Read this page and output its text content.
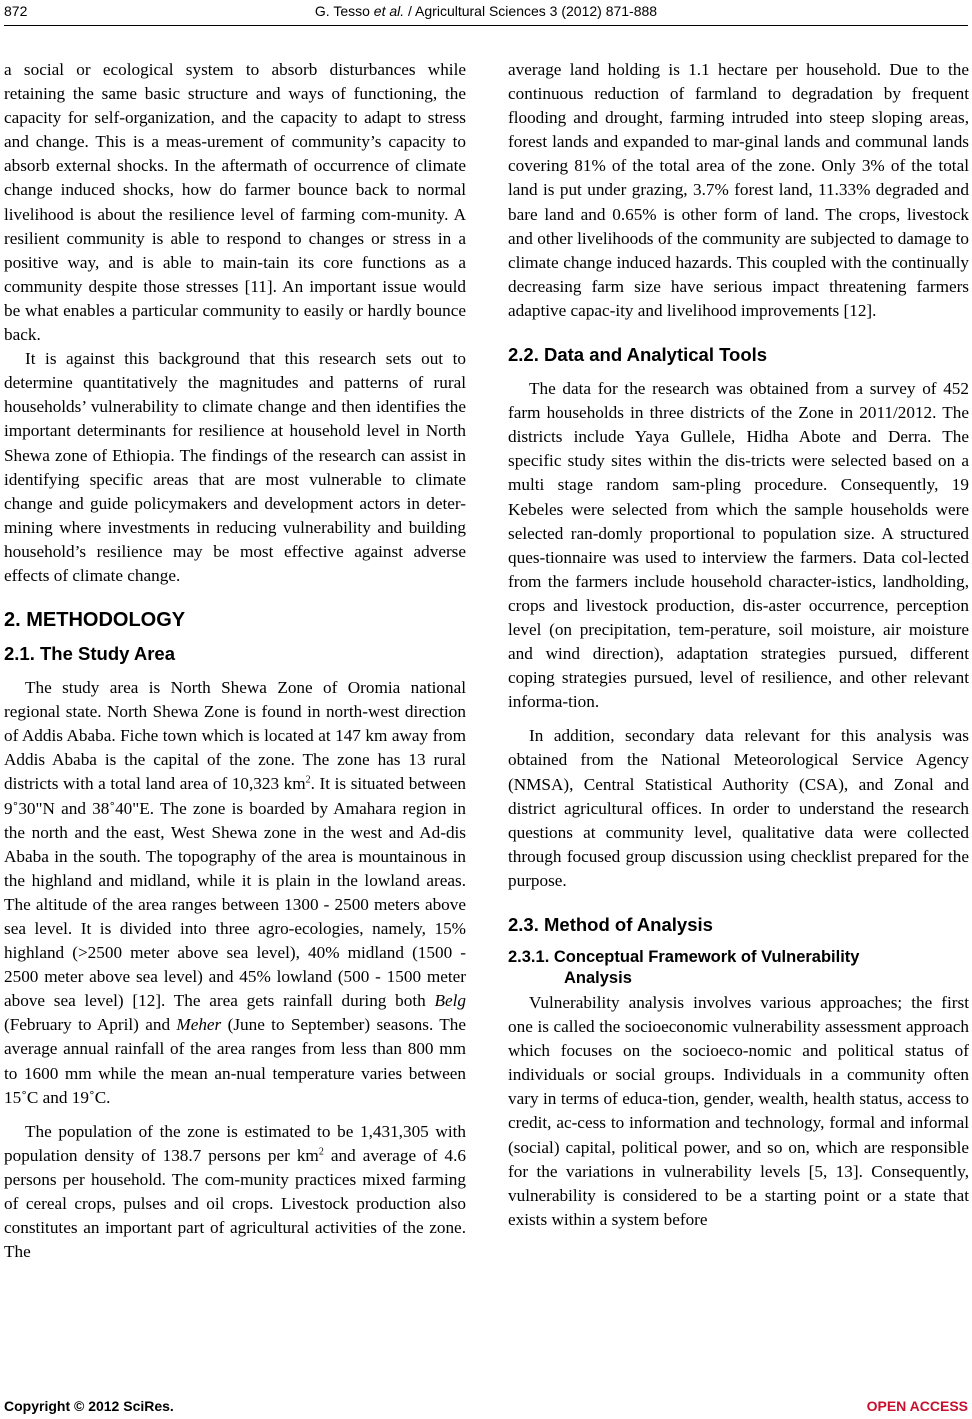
872	G. Tesso et al. / Agricultural Sciences 3 (2012) 871-888

a social or ecological system to absorb disturbances while retaining the same basic structure and ways of functioning, the capacity for self-organization, and the capacity to adapt to stress and change. This is a meas-urement of community’s capacity to absorb external shocks. In the aftermath of occurrence of climate change induced shocks, how do farmer bounce back to normal livelihood is about the resilience level of farming com-munity. A resilient community is able to respond to changes or stress in a positive way, and is able to main-tain its core functions as a community despite those stresses [11]. An important issue would be what enables a particular community to easily or hardly bounce back.

It is against this background that this research sets out to determine quantitatively the magnitudes and patterns of rural households’ vulnerability to climate change and then identifies the important determinants for resilience at household level in North Shewa zone of Ethiopia. The findings of the research can assist in identifying specific areas that are most vulnerable to climate change and guide policymakers and development actors in deter-mining where investments in reducing vulnerability and building household’s resilience may be most effective against adverse effects of climate change.

2. METHODOLOGY
2.1. The Study Area

The study area is North Shewa Zone of Oromia national regional state. North Shewa Zone is found in north-west direction of Addis Ababa. Fiche town which is located at 147 km away from Addis Ababa is the capital of the zone. The zone has 13 rural districts with a total land area of 10,323 $km^2$. It is situated between 9˚30"N and 38˚40"E. The zone is boarded by Amahara region in the north and the east, West Shewa zone in the west and Ad-dis Ababa in the south. The topography of the area is mountainous in the highland and midland, while it is plain in the lowland areas. The altitude of the area ranges between 1300 - 2500 meters above sea level. It is divided into three agro-ecologies, namely, 15% highland (>2500 meter above sea level), 40% midland (1500 - 2500 meter above sea level) and 45% lowland (500 - 1500 meter above sea level) [12]. The area gets rainfall during both Belg (February to April) and Meher (June to September) seasons. The average annual rainfall of the area ranges from less than 800 mm to 1600 mm while the mean an-nual temperature varies between 15˚C and 19˚C.

The population of the zone is estimated to be 1,431,305 with population density of 138.7 persons per $km^2$ and average of 4.6 persons per household. The com-munity practices mixed farming of cereal crops, pulses and oil crops. Livestock production also constitutes an important part of agricultural activities of the zone. The

average land holding is 1.1 hectare per household. Due to the continuous reduction of farmland to degradation by frequent flooding and drought, farming intruded into steep sloping areas, forest lands and expanded to mar-ginal lands and communal lands covering 81% of the total area of the zone. Only 3% of the total land is put under grazing, 3.7% forest land, 11.33% degraded and bare land and 0.65% is other form of land. The crops, livestock and other livelihoods of the community are subjected to damage to climate change induced hazards. This coupled with the continually decreasing farm size have serious impact threatening farmers adaptive capac-ity and livelihood improvements [12].

2.2. Data and Analytical Tools

The data for the research was obtained from a survey of 452 farm households in three districts of the Zone in 2011/2012. The districts include Yaya Gullele, Hidha Abote and Derra. The specific study sites within the dis-tricts were selected based on a multi stage random sam-pling procedure. Consequently, 19 Kebeles were selected from which the sample households were selected ran-domly proportional to population size. A structured ques-tionnaire was used to interview the farmers. Data col-lected from the farmers include household character-istics, landholding, crops and livestock production, dis-aster occurrence, perception level (on precipitation, tem-perature, soil moisture, air moisture and wind direction), adaptation strategies pursued, different coping strategies pursued, level of resilience, and other relevant informa-tion.

In addition, secondary data relevant for this analysis was obtained from the National Meteorological Service Agency (NMSA), Central Statistical Authority (CSA), and Zonal and district agricultural offices. In order to understand the research questions at community level, qualitative data were collected through focused group discussion using checklist prepared for the purpose.

2.3. Method of Analysis
2.3.1. Conceptual Framework of Vulnerability
Analysis

Vulnerability analysis involves various approaches; the first one is called the socioeconomic vulnerability assessment approach which focuses on the socioeco-nomic and political status of individuals or social groups. Individuals in a community often vary in terms of educa-tion, gender, wealth, health status, access to credit, ac-cess to information and technology, formal and informal (social) capital, political power, and so on, which are responsible for the variations in vulnerability levels [5, 13]. Consequently, vulnerability is considered to be a starting point or a state that exists within a system before

Copyright © 2012 SciRes.	OPEN ACCESS
